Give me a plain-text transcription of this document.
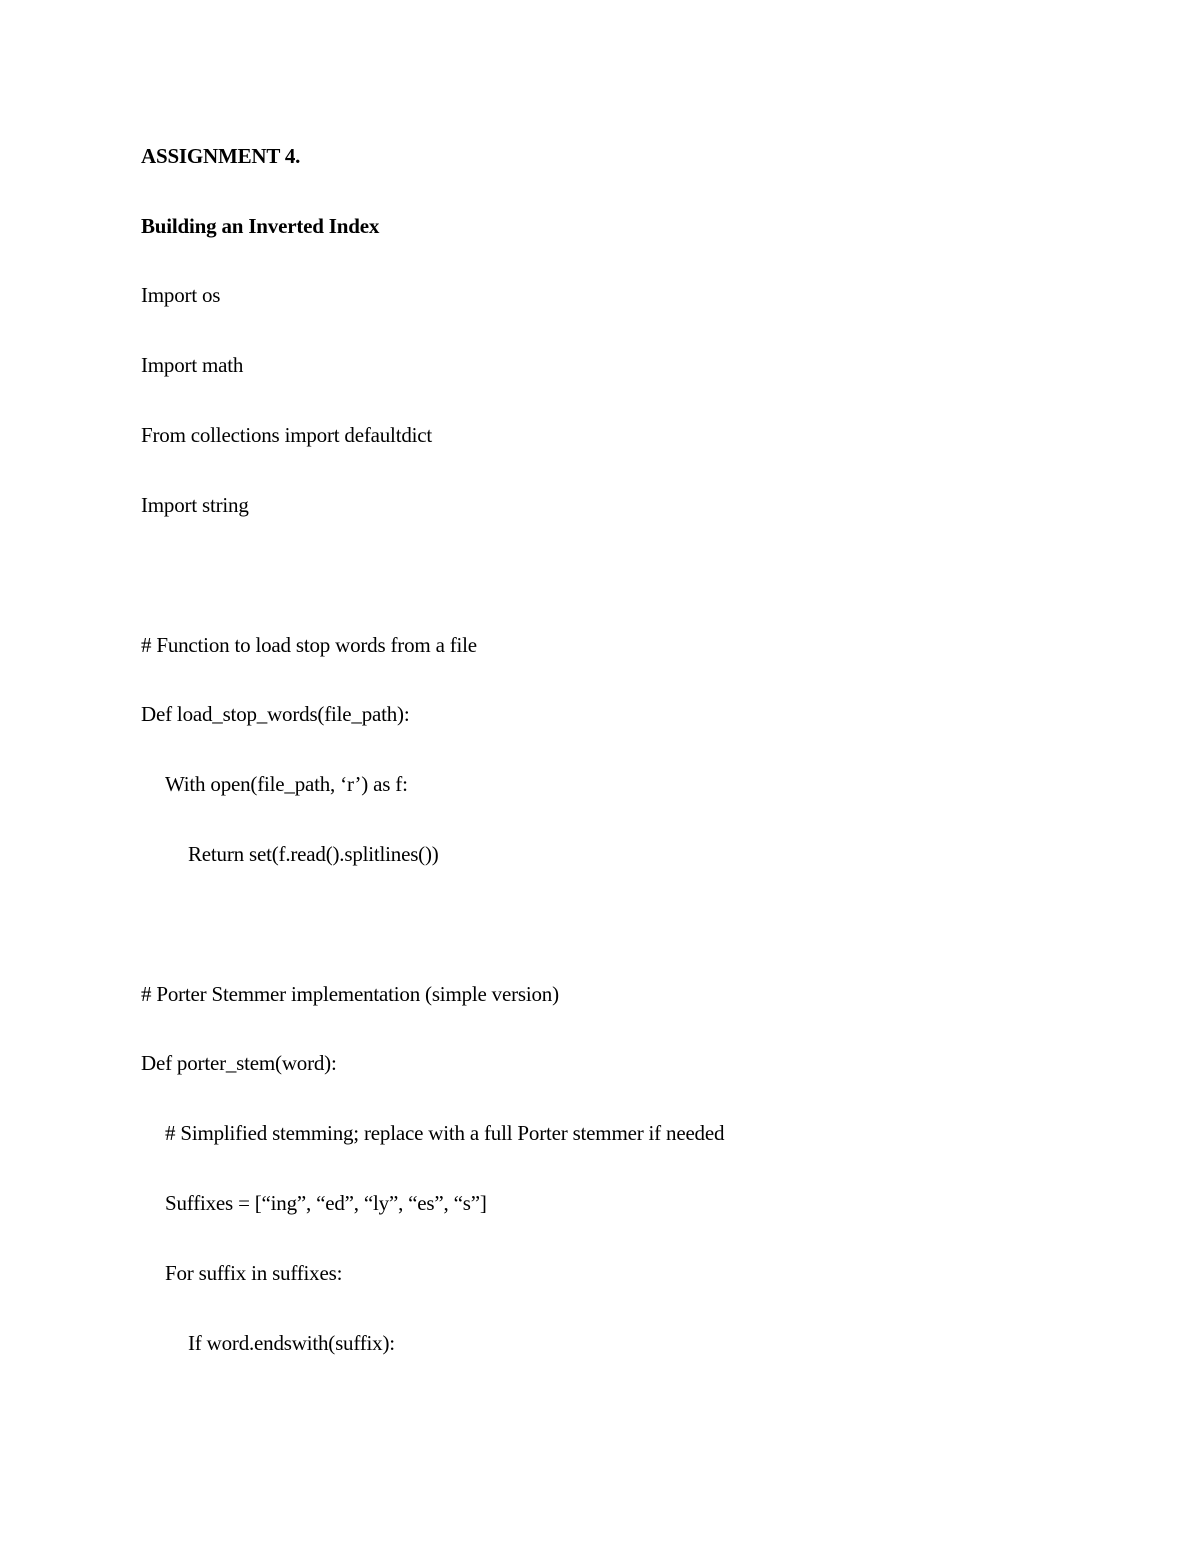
ASSIGNMENT 4.
Building an Inverted Index
Import os
Import math
From collections import defaultdict
Import string
# Function to load stop words from a file
Def load_stop_words(file_path):
With open(file_path, ‘r’) as f:
Return set(f.read().splitlines())
# Porter Stemmer implementation (simple version)
Def porter_stem(word):
# Simplified stemming; replace with a full Porter stemmer if needed
Suffixes = [“ing”, “ed”, “ly”, “es”, “s”]
For suffix in suffixes:
If word.endswith(suffix):
